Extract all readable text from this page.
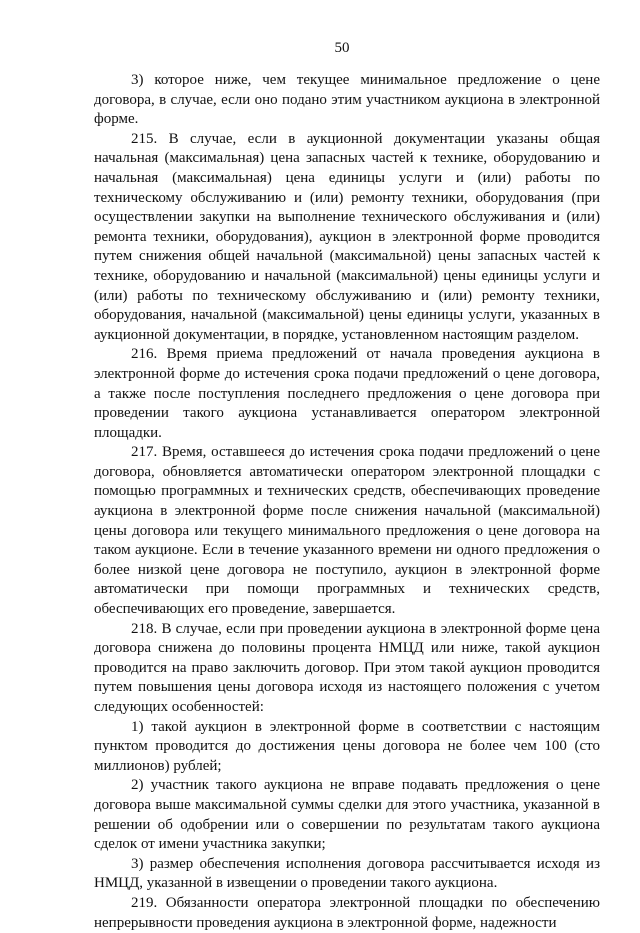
50

3) которое ниже, чем текущее минимальное предложение о цене договора, в случае, если оно подано этим участником аукциона в электронной форме.

215. В случае, если в аукционной документации указаны общая начальная (максимальная) цена запасных частей к технике, оборудованию и начальная (максимальная) цена единицы услуги и (или) работы по техническому обслуживанию и (или) ремонту техники, оборудования (при осуществлении закупки на выполнение технического обслуживания и (или) ремонта техники, оборудования), аукцион в электронной форме проводится путем снижения общей начальной (максимальной) цены запасных частей к технике, оборудованию и начальной (максимальной) цены единицы услуги и (или) работы по техническому обслуживанию и (или) ремонту техники, оборудования, начальной (максимальной) цены единицы услуги, указанных в аукционной документации, в порядке, установленном настоящим разделом.

216. Время приема предложений от начала проведения аукциона в электронной форме до истечения срока подачи предложений о цене договора, а также после поступления последнего предложения о цене договора при проведении такого аукциона устанавливается оператором электронной площадки.

217. Время, оставшееся до истечения срока подачи предложений о цене договора, обновляется автоматически оператором электронной площадки с помощью программных и технических средств, обеспечивающих проведение аукциона в электронной форме после снижения начальной (максимальной) цены договора или текущего минимального предложения о цене договора на таком аукционе. Если в течение указанного времени ни одного предложения о более низкой цене договора не поступило, аукцион в электронной форме автоматически при помощи программных и технических средств, обеспечивающих его проведение, завершается.

218. В случае, если при проведении аукциона в электронной форме цена договора снижена до половины процента НМЦД или ниже, такой аукцион проводится на право заключить договор. При этом такой аукцион проводится путем повышения цены договора исходя из настоящего положения с учетом следующих особенностей:

1) такой аукцион в электронной форме в соответствии с настоящим пунктом проводится до достижения цены договора не более чем 100 (сто миллионов) рублей;

2) участник такого аукциона не вправе подавать предложения о цене договора выше максимальной суммы сделки для этого участника, указанной в решении об одобрении или о совершении по результатам такого аукциона сделок от имени участника закупки;

3) размер обеспечения исполнения договора рассчитывается исходя из НМЦД, указанной в извещении о проведении такого аукциона.

219. Обязанности оператора электронной площадки по обеспечению непрерывности проведения аукциона в электронной форме, надежности
